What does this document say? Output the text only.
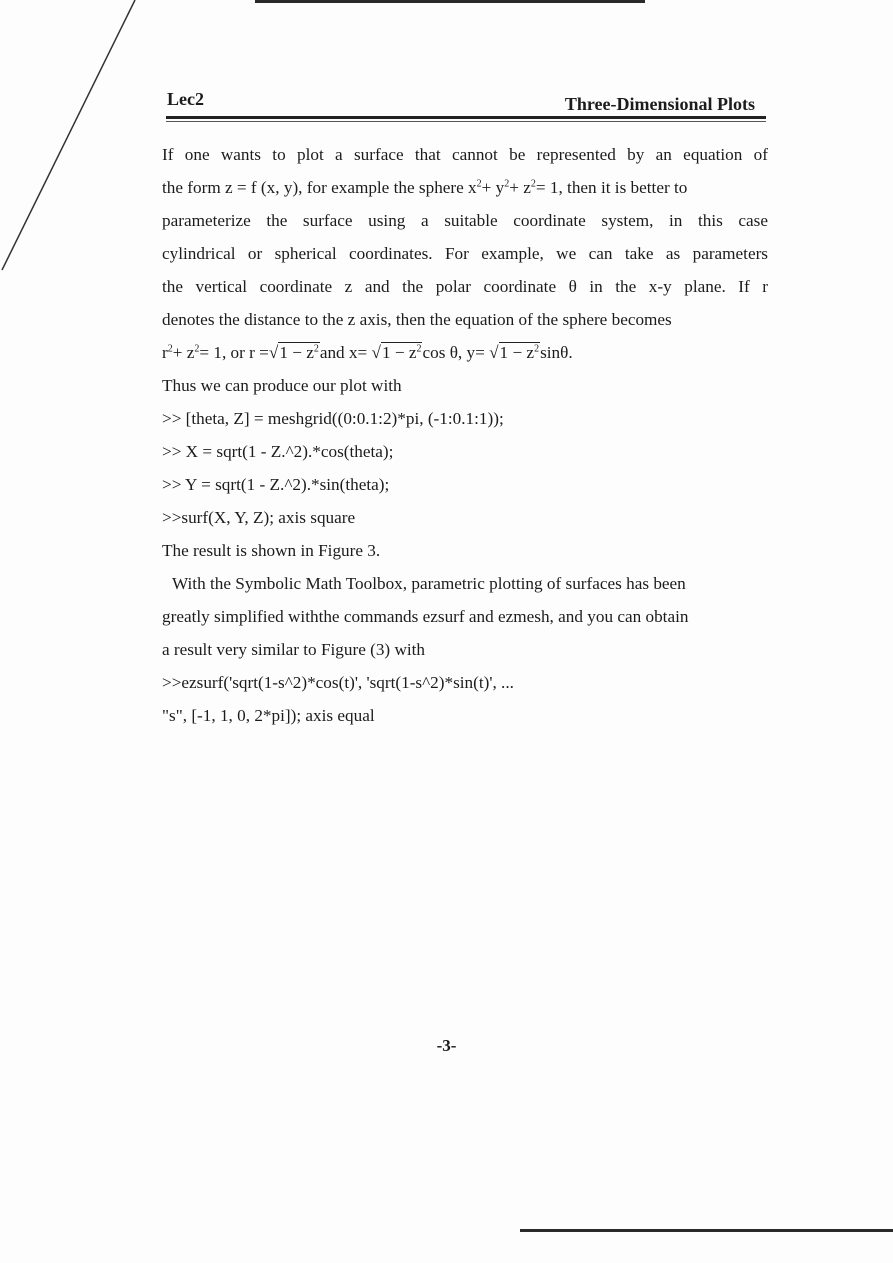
Lec2	Three-Dimensional Plots
If one wants to plot a surface that cannot be represented by an equation of
the form z = f (x, y), for example the sphere $x^2+ y^2+ z^2= 1$, then it is better to
parameterize the surface using a suitable coordinate system, in this case
cylindrical or spherical coordinates. For example, we can take as parameters
the vertical coordinate z and the polar coordinate θ in the x-y plane. If r
denotes the distance to the z axis, then the equation of the sphere becomes
$r^2+ z^2= 1$, or $r =√1 - z^2and$ $x= √1 - z^2\cos$ θ, $y= √1 - z^2\sin\theta$.
Thus we can produce our plot with
>> [theta, Z] = meshgrid((0:0.1:2)*pi, (-1:0.1:1));
>> X = sqrt(1 - Z.^2).*cos(theta);
>> Y = sqrt(1 - Z.^2).*sin(theta);
>>surf(X, Y, Z); axis square
The result is shown in Figure 3.
With the Symbolic Math Toolbox, parametric plotting of surfaces has been
greatly simplified withthe commands ezsurf and ezmesh, and you can obtain
a result very similar to Figure (3) with
>>ezsurf('sqrt(1-s^2)*cos(t)', 'sqrt(1-s^2)*sin(t)', ...
"s", [-1, 1, 0, 2*pi]); axis equal
-3-
